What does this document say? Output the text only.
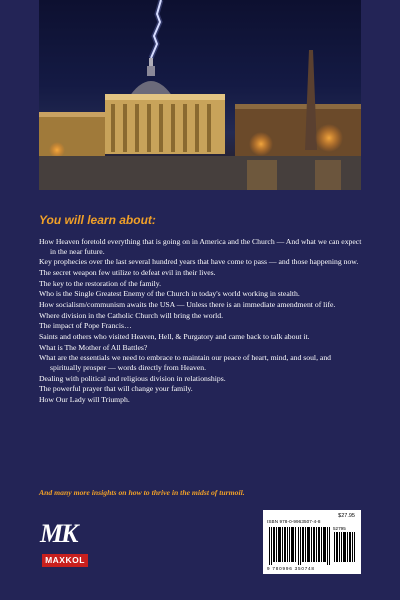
You will learn about:
How Heaven foretold everything that is going on in America and the Church — And what we can expect in the near future.
Key prophecies over the last several hundred years that have come to pass — and those happening now.
The secret weapon few utilize to defeat evil in their lives.
The key to the restoration of the family.
Who is the Single Greatest Enemy of the Church in today's world working in stealth.
How socialism/communism awaits the USA — Unless there is an immediate amendment of life.
Where division in the Catholic Church will bring the world.
The impact of Pope Francis…
Saints and others who visited Heaven, Hell, & Purgatory and came back to talk about it.
What is The Mother of All Battles?
What are the essentials we need to embrace to maintain our peace of heart, mind, and soul, and spiritually prosper — words directly from Heaven.
Dealing with political and religious division in relationships.
The powerful prayer that will change your family.
How Our Lady will Triumph.
And many more insights on how to thrive in the midst of turmoil.
MK
MAXKOL
$27.95
ISBN 978-0-9963507-4-8
52795
9 780996 350748
